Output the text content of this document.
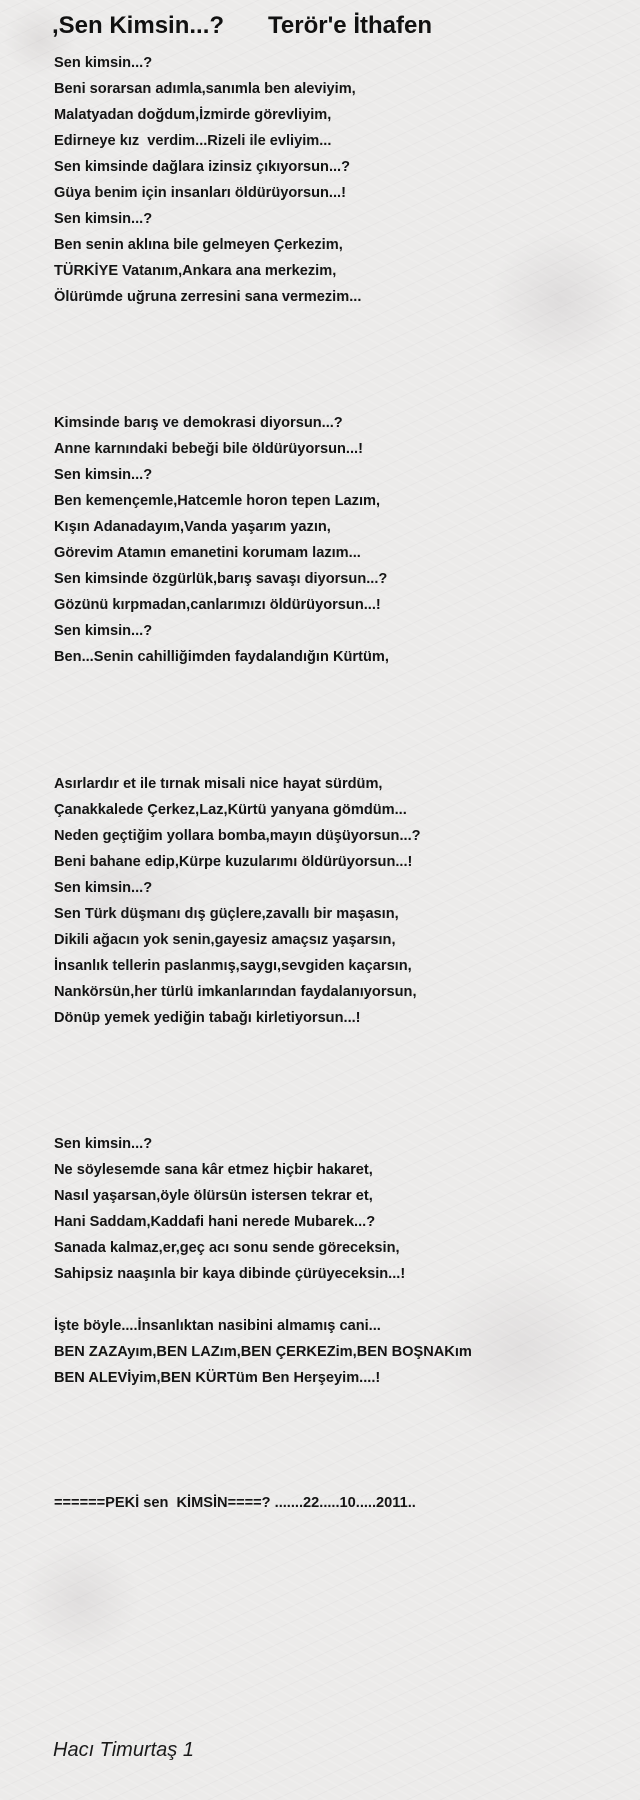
,Sen Kimsin...? Terör'e İthafen
Sen kimsin...?
Beni sorarsan adımla,sanımla ben aleviyim,
Malatyadan doğdum,İzmirde görevliyim,
Edirneye kız  verdim...Rizeli ile evliyim...
Sen kimsinde dağlara izinsiz çıkıyorsun...?
Güya benim için insanları öldürüyorsun...!
Sen kimsin...?
Ben senin aklına bile gelmeyen Çerkezim,
TÜRKİYE Vatanım,Ankara ana merkezim,
Ölürümde uğruna zerresini sana vermezim...
Kimsinde barış ve demokrasi diyorsun...?
Anne karnındaki bebeği bile öldürüyorsun...!
Sen kimsin...?
Ben kemençemle,Hatcemle horon tepen Lazım,
Kışın Adanadayım,Vanda yaşarım yazın,
Görevim Atamın emanetini korumam lazım...
Sen kimsinde özgürlük,barış savaşı diyorsun...?
Gözünü kırpmadan,canlarımızı öldürüyorsun...!
Sen kimsin...?
Ben...Senin cahilliğimden faydalandığın Kürtüm,
Asırlardır et ile tırnak misali nice hayat sürdüm,
Çanakkalede Çerkez,Laz,Kürtü yanyana gömdüm...
Neden geçtiğim yollara bomba,mayın düşüyorsun...?
Beni bahane edip,Kürpe kuzularımı öldürüyorsun...!
Sen kimsin...?
Sen Türk düşmanı dış güçlere,zavallı bir maşasın,
Dikili ağacın yok senin,gayesiz amaçsız yaşarsın,
İnsanlık tellerin paslanmış,saygı,sevgiden kaçarsın,
Nankörsün,her türlü imkanlarından faydalanıyorsun,
Dönüp yemek yediğin tabağı kirletiyorsun...!
Sen kimsin...?
Ne söylesemde sana kâr etmez hiçbir hakaret,
Nasıl yaşarsan,öyle ölürsün istersen tekrar et,
Hani Saddam,Kaddafi hani nerede Mubarek...?
Sanada kalmaz,er,geç acı sonu sende göreceksin,
Sahipsiz naaşınla bir kaya dibinde çürüyeceksin...!
İşte böyle....İnsanlıktan nasibini almamış cani...
BEN ZAZAyım,BEN LAZım,BEN ÇERKEZim,BEN BOŞNAKım
BEN ALEVİyim,BEN KÜRTüm Ben Herşeyim....!
======PEKİ sen  KİMSİN====? .......22.....10.....2011..
Hacı Timurtaş 1
